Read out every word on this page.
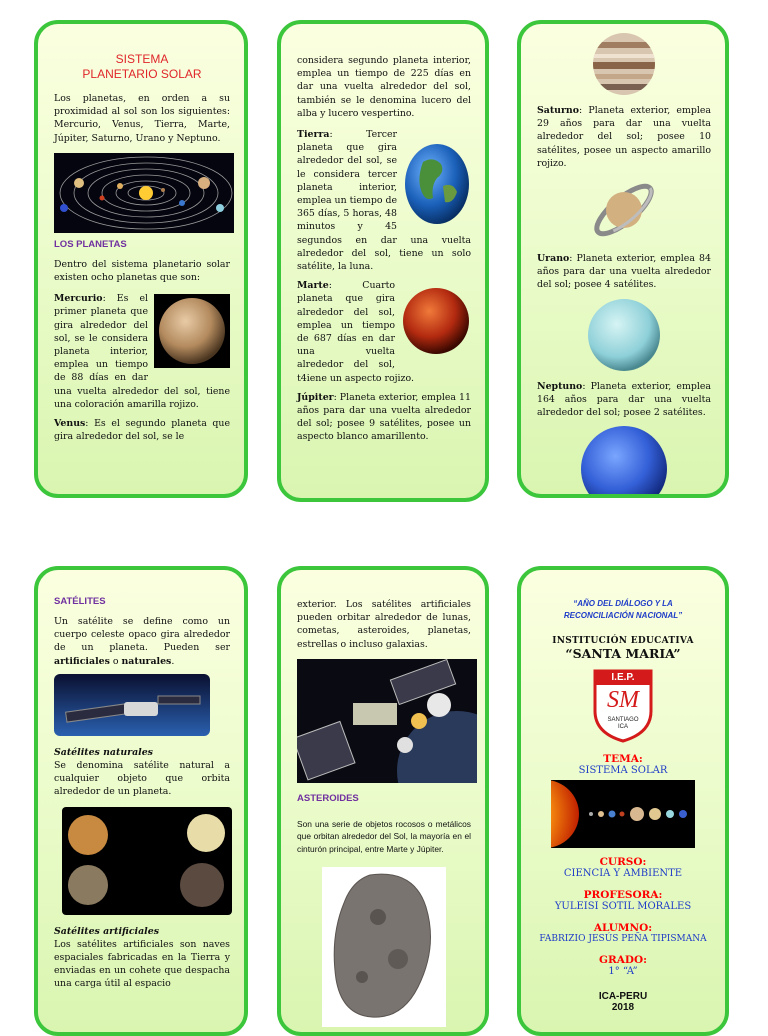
SISTEMA PLANETARIO SOLAR

Los planetas, en orden a su proximidad al sol son los siguientes: Mercurio, Venus, Tierra, Marte, Júpiter, Saturno, Urano y Neptuno.

LOS PLANETAS

Dentro del sistema planetario solar existen ocho planetas que son:

Mercurio: Es el primer planeta que gira alrededor del sol, se le considera planeta interior, emplea un tiempo de 88 días en dar una vuelta alrededor del sol, tiene una coloración amarilla rojizo.

Venus: Es el segundo planeta que gira alrededor del sol, se le

considera segundo planeta interior, emplea un tiempo de 225 días en dar una vuelta alrededor del sol, también se le denomina lucero del alba y lucero vespertino.

Tierra: Tercer planeta que gira alrededor del sol, se le considera tercer planeta interior, emplea un tiempo de 365 días, 5 horas, 48 minutos y 45 segundos en dar una vuelta alrededor del sol, tiene un solo satélite, la luna.

Marte: Cuarto planeta que gira alrededor del sol, emplea un tiempo de 687 días en dar una vuelta alrededor del sol, t4iene un aspecto rojizo.

Júpiter: Planeta exterior, emplea 11 años para dar una vuelta alrededor del sol; posee 9 satélites, posee un aspecto blanco amarillento.

Saturno: Planeta exterior, emplea 29 años para dar una vuelta alrededor del sol; posee 10 satélites, posee un aspecto amarillo rojizo.

Urano: Planeta exterior, emplea 84 años para dar una vuelta alrededor del sol; posee 4 satélites.

Neptuno: Planeta exterior, emplea 164 años para dar una vuelta alrededor del sol; posee 2 satélites.

SATÉLITES

Un satélite se define como un cuerpo celeste opaco gira alrededor de un planeta. Pueden ser artificiales o naturales.

Satélites naturales

Se denomina satélite natural a cualquier objeto que orbita alrededor de un planeta.

Satélites artificiales

Los satélites artificiales son naves espaciales fabricadas en la Tierra y enviadas en un cohete que despacha una carga útil al espacio

exterior. Los satélites artificiales pueden orbitar alrededor de lunas, cometas, asteroides, planetas, estrellas o incluso galaxias.

ASTEROIDES

Son una serie de objetos rocosos o metálicos que orbitan alrededor del Sol, la mayoría en el cinturón principal, entre Marte y Júpiter.

“AÑO DEL DIÁLOGO Y LA RECONCILIACIÓN NACIONAL”

INSTITUCIÓN EDUCATIVA

“SANTA MARIA”

I.E.P.
SM
SANTIAGO
ICA

TEMA:

SISTEMA SOLAR

CURSO:

CIENCIA Y AMBIENTE

PROFESORA:

YULEISI SOTIL MORALES

ALUMNO:

FABRIZIO JESÚS PEÑA TIPISMANA

GRADO:

1° “A”

ICA-PERU

2018
